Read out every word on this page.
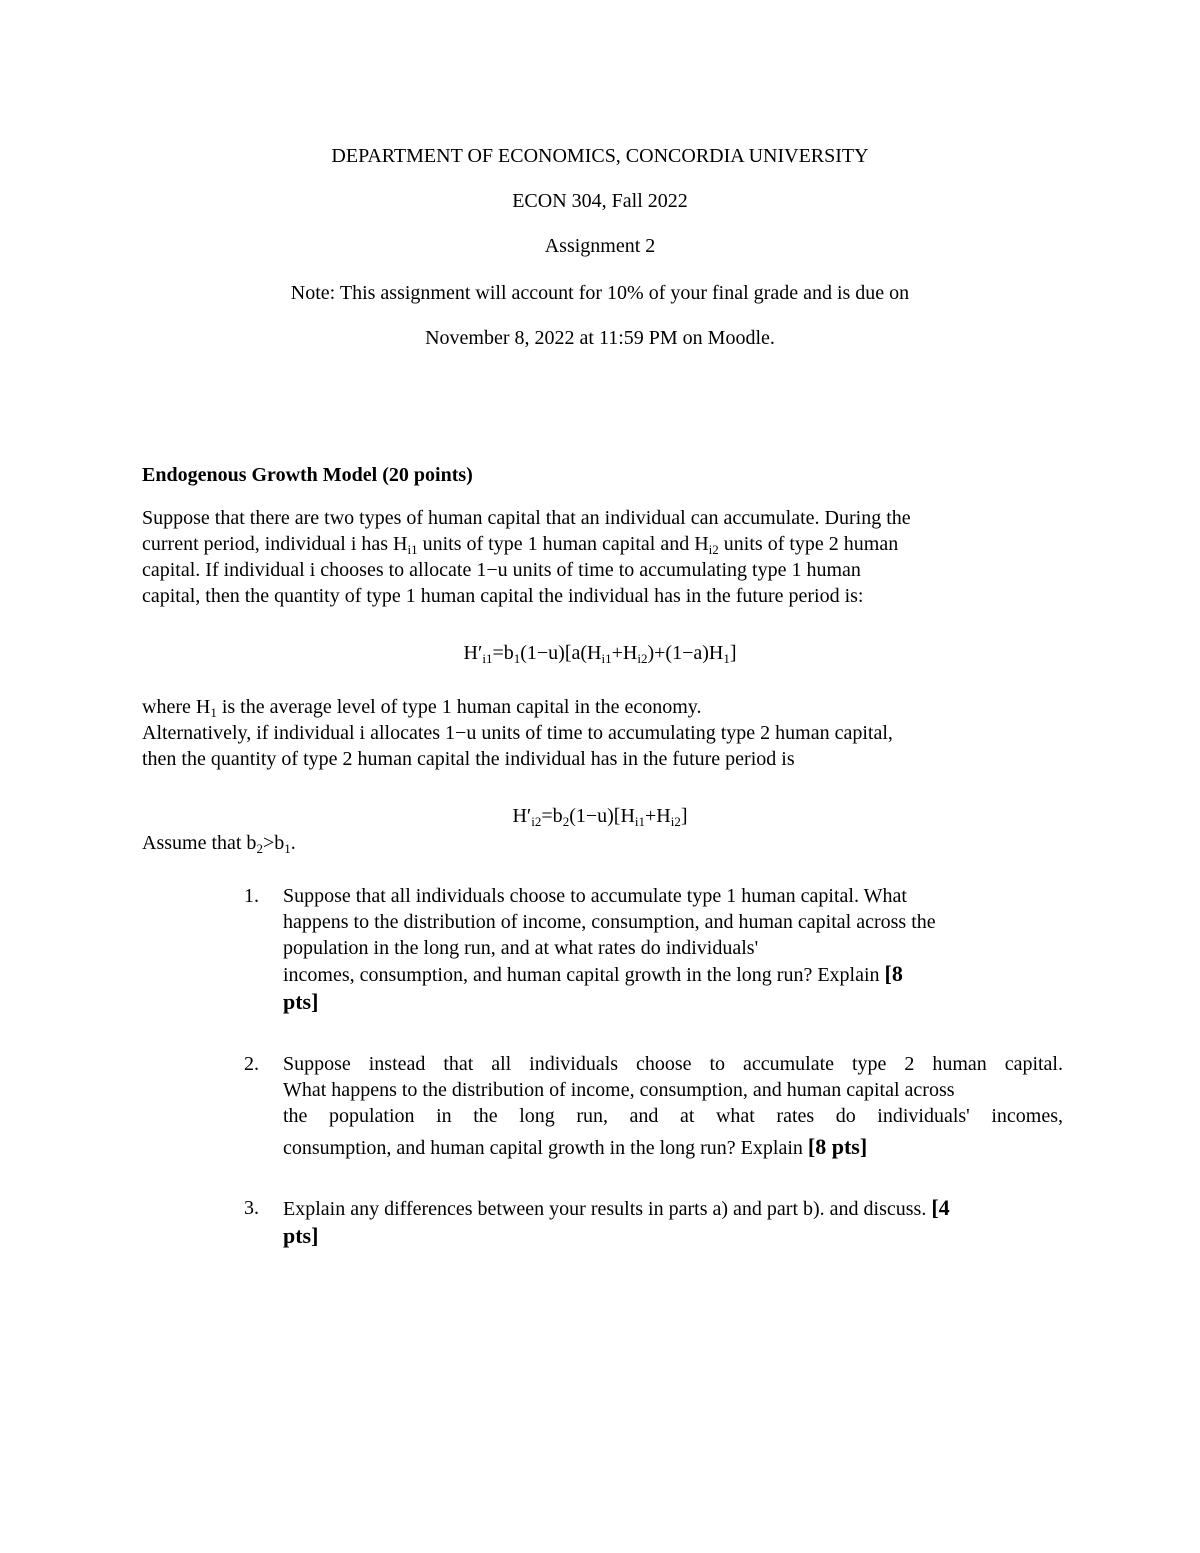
DEPARTMENT OF ECONOMICS, CONCORDIA UNIVERSITY
ECON 304, Fall 2022
Assignment 2
Note: This assignment will account for 10% of your final grade and is due on
November 8, 2022 at 11:59 PM on Moodle.
Endogenous Growth Model (20 points)
Suppose that there are two types of human capital that an individual can accumulate. During the
current period, individual i has $H_{i1}$ units of type 1 human capital and $H_{i2}$ units of type 2 human
capital. If individual i chooses to allocate 1−u units of time to accumulating type 1 human
capital, then the quantity of type 1 human capital the individual has in the future period is:
$H'_{i1}=b_1(1-u)[a(H_{i1}+H_{i2})+(1-a)H_1]$
where $H_1$ is the average level of type 1 human capital in the economy.
Alternatively, if individual i allocates 1−u units of time to accumulating type 2 human capital,
then the quantity of type 2 human capital the individual has in the future period is
$H'_{i2}=b_2(1-u)[H_{i1}+H_{i2}]$
Assume that $b_2>b_1$.
1. Suppose that all individuals choose to accumulate type 1 human capital. What
happens to the distribution of income, consumption, and human capital across the
population in the long run, and at what rates do individuals'
incomes, consumption, and human capital growth in the long run? Explain [8
pts]
2. Suppose instead that all individuals choose to accumulate type 2 human capital.
What happens to the distribution of income, consumption, and human capital across
the population in the long run, and at what rates do individuals' incomes,
consumption, and human capital growth in the long run? Explain [8 pts]
3. Explain any differences between your results in parts a) and part b). and discuss. [4
pts]
